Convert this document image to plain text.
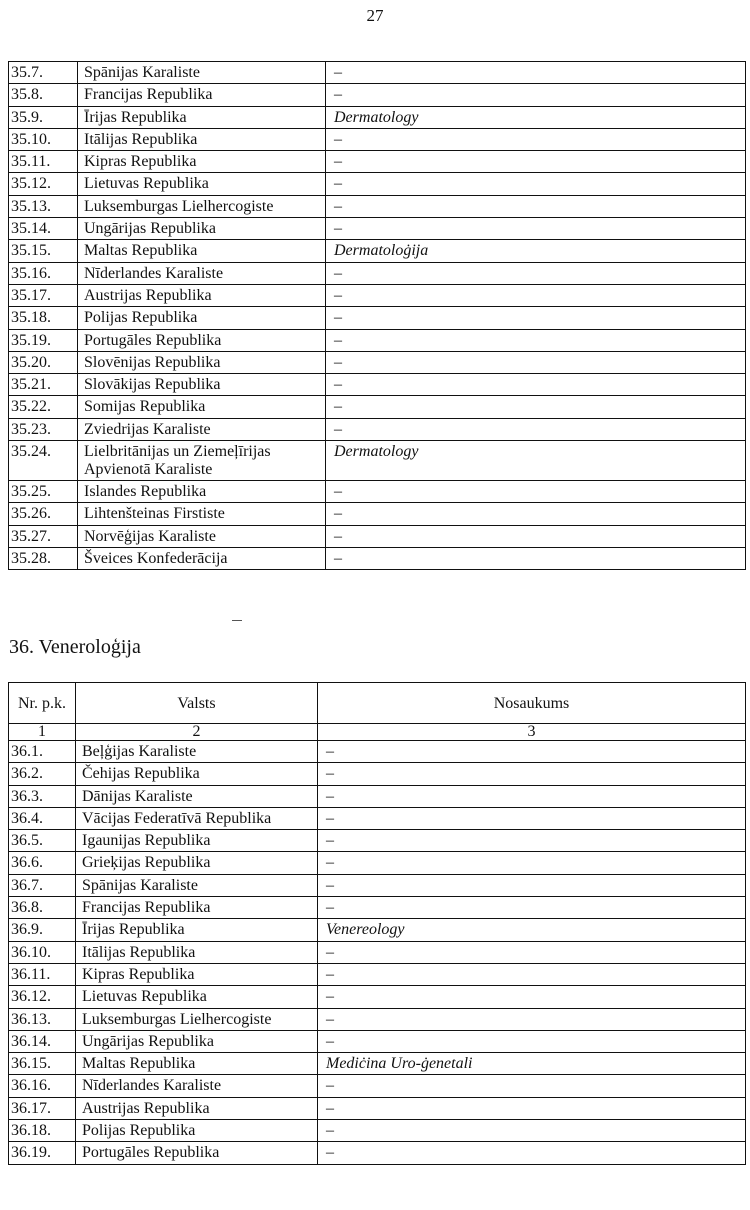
27
35.7.	Spānijas Karaliste	–
35.8.	Francijas Republika	–
35.9.	Īrijas Republika	Dermatology
35.10.	Itālijas Republika	–
35.11.	Kipras Republika	–
35.12.	Lietuvas Republika	–
35.13.	Luksemburgas Lielhercogiste	–
35.14.	Ungārijas Republika	–
35.15.	Maltas Republika	Dermatoloġija
35.16.	Nīderlandes Karaliste	–
35.17.	Austrijas Republika	–
35.18.	Polijas Republika	–
35.19.	Portugāles Republika	–
35.20.	Slovēnijas Republika	–
35.21.	Slovākijas Republika	–
35.22.	Somijas Republika	–
35.23.	Zviedrijas Karaliste	–
35.24.	Lielbritānijas un Ziemeļīrijas Apvienotā Karaliste	Dermatology
35.25.	Islandes Republika	–
35.26.	Lihtenšteinas Firstiste	–
35.27.	Norvēģijas Karaliste	–
35.28.	Šveices Konfederācija	–
36. Veneroloģija
Nr. p.k.	Valsts	Nosaukums
1	2	3
36.1.	Beļģijas Karaliste	–
36.2.	Čehijas Republika	–
36.3.	Dānijas Karaliste	–
36.4.	Vācijas Federatīvā Republika	–
36.5.	Igaunijas Republika	–
36.6.	Grieķijas Republika	–
36.7.	Spānijas Karaliste	–
36.8.	Francijas Republika	–
36.9.	Īrijas Republika	Venereology
36.10.	Itālijas Republika	–
36.11.	Kipras Republika	–
36.12.	Lietuvas Republika	–
36.13.	Luksemburgas Lielhercogiste	–
36.14.	Ungārijas Republika	–
36.15.	Maltas Republika	Mediċina Uro-ġenetali
36.16.	Nīderlandes Karaliste	–
36.17.	Austrijas Republika	–
36.18.	Polijas Republika	–
36.19.	Portugāles Republika	–
